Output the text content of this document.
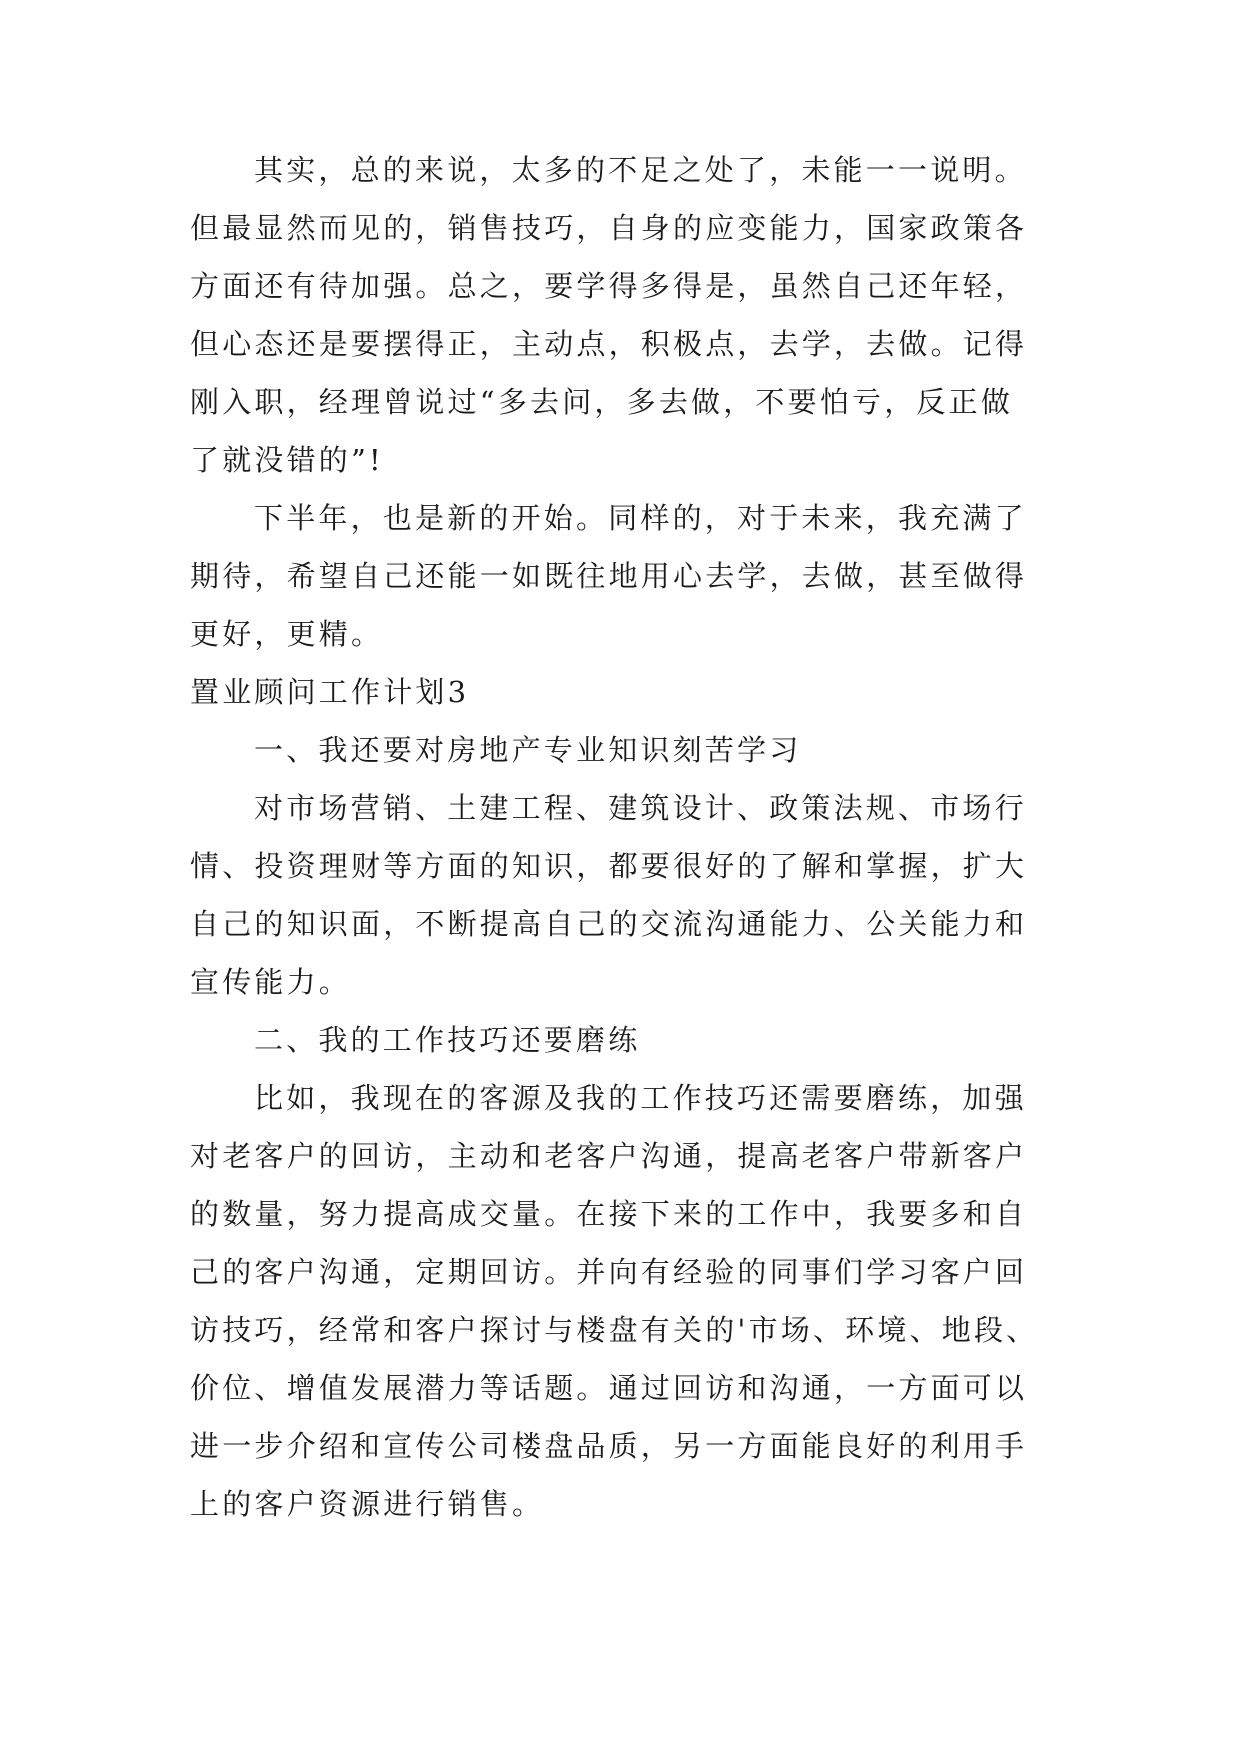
其实，总的来说，太多的不足之处了，未能一一说明。
但最显然而见的，销售技巧，自身的应变能力，国家政策各
方面还有待加强。总之，要学得多得是，虽然自己还年轻，
但心态还是要摆得正，主动点，积极点，去学，去做。记得
刚入职，经理曾说过“多去问，多去做，不要怕亏，反正做
了就没错的”!
下半年，也是新的开始。同样的，对于未来，我充满了
期待，希望自己还能一如既往地用心去学，去做，甚至做得
更好，更精。
置业顾问工作计划3
一、我还要对房地产专业知识刻苦学习
对市场营销、土建工程、建筑设计、政策法规、市场行
情、投资理财等方面的知识，都要很好的了解和掌握，扩大
自己的知识面，不断提高自己的交流沟通能力、公关能力和
宣传能力。
二、我的工作技巧还要磨练
比如，我现在的客源及我的工作技巧还需要磨练，加强
对老客户的回访，主动和老客户沟通，提高老客户带新客户
的数量，努力提高成交量。在接下来的工作中，我要多和自
己的客户沟通，定期回访。并向有经验的同事们学习客户回
访技巧，经常和客户探讨与楼盘有关的'市场、环境、地段、
价位、增值发展潜力等话题。通过回访和沟通，一方面可以
进一步介绍和宣传公司楼盘品质，另一方面能良好的利用手
上的客户资源进行销售。
